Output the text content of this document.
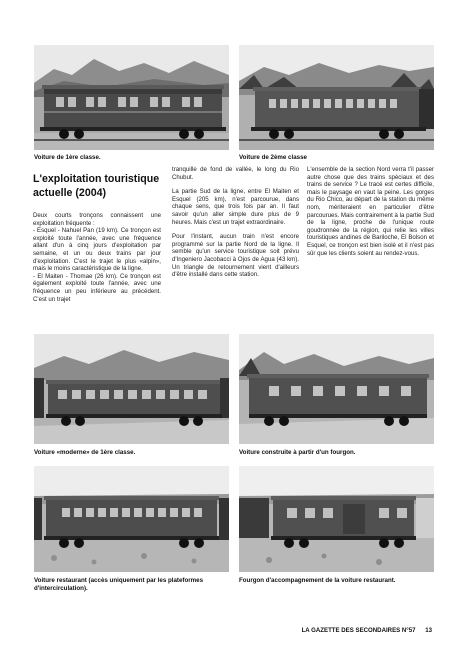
Voiture de 1ère classe.	Voiture de 2ème classe
L'exploitation touristique actuelle (2004)

Deux courts tronçons connaissent une exploitation fréquente :
- Esquel - Nahuel Pan (19 km). Ce tronçon est exploité toute l'année, avec une fréquence allant d'un à cinq jours d'exploitation par semaine, et un ou deux trains par jour d'exploitation. C'est le trajet le plus «alpin», mais le moins caractéristique de la ligne.
- El Maiten - Thomae (26 km). Ce tronçon est également exploité toute l'année, avec une fréquence un peu inférieure au précédent. C'est un trajet

tranquille de fond de vallée, le long du Rio Chubut.

La partie Sud de la ligne, entre El Maiten et Esquel (205 km), n'est parcourue, dans chaque sens, que trois fois par an. Il faut savoir qu'un aller simple dure plus de 9 heures. Mais c'est un trajet extraordinaire.

Pour l'instant, aucun train n'est encore programmé sur la partie Nord de la ligne. Il semble qu'un service touristique soit prévu d'Ingeniero Jacobacci à Ojos de Agua (43 km). Un triangle de retournement vient d'ailleurs d'être installé dans cette station.

L'ensemble de la section Nord verra t'il passer autre chose que des trains spéciaux et des trains de service ? Le tracé est certes difficile, mais le paysage en vaut la peine. Les gorges du Rio Chico, au départ de la station du même nom, mériteraient en particulier d'être parcourues. Mais contrairement à la partie Sud de la ligne, proche de l'unique route goudronnée de la région, qui relie les villes touristiques andines de Bariloche, El Bolson et Esquel, ce tronçon est bien isolé et il n'est pas sûr que les clients soient au rendez-vous.

Voiture «moderne» de 1ère classe.	Voiture construite à partir d'un fourgon.
Voiture restaurant (accès uniquement par les plateformes d'intercirculation).
Fourgon d'accompagnement de la voiture restaurant.
LA GAZETTE DES SECONDAIRES N°57 13
